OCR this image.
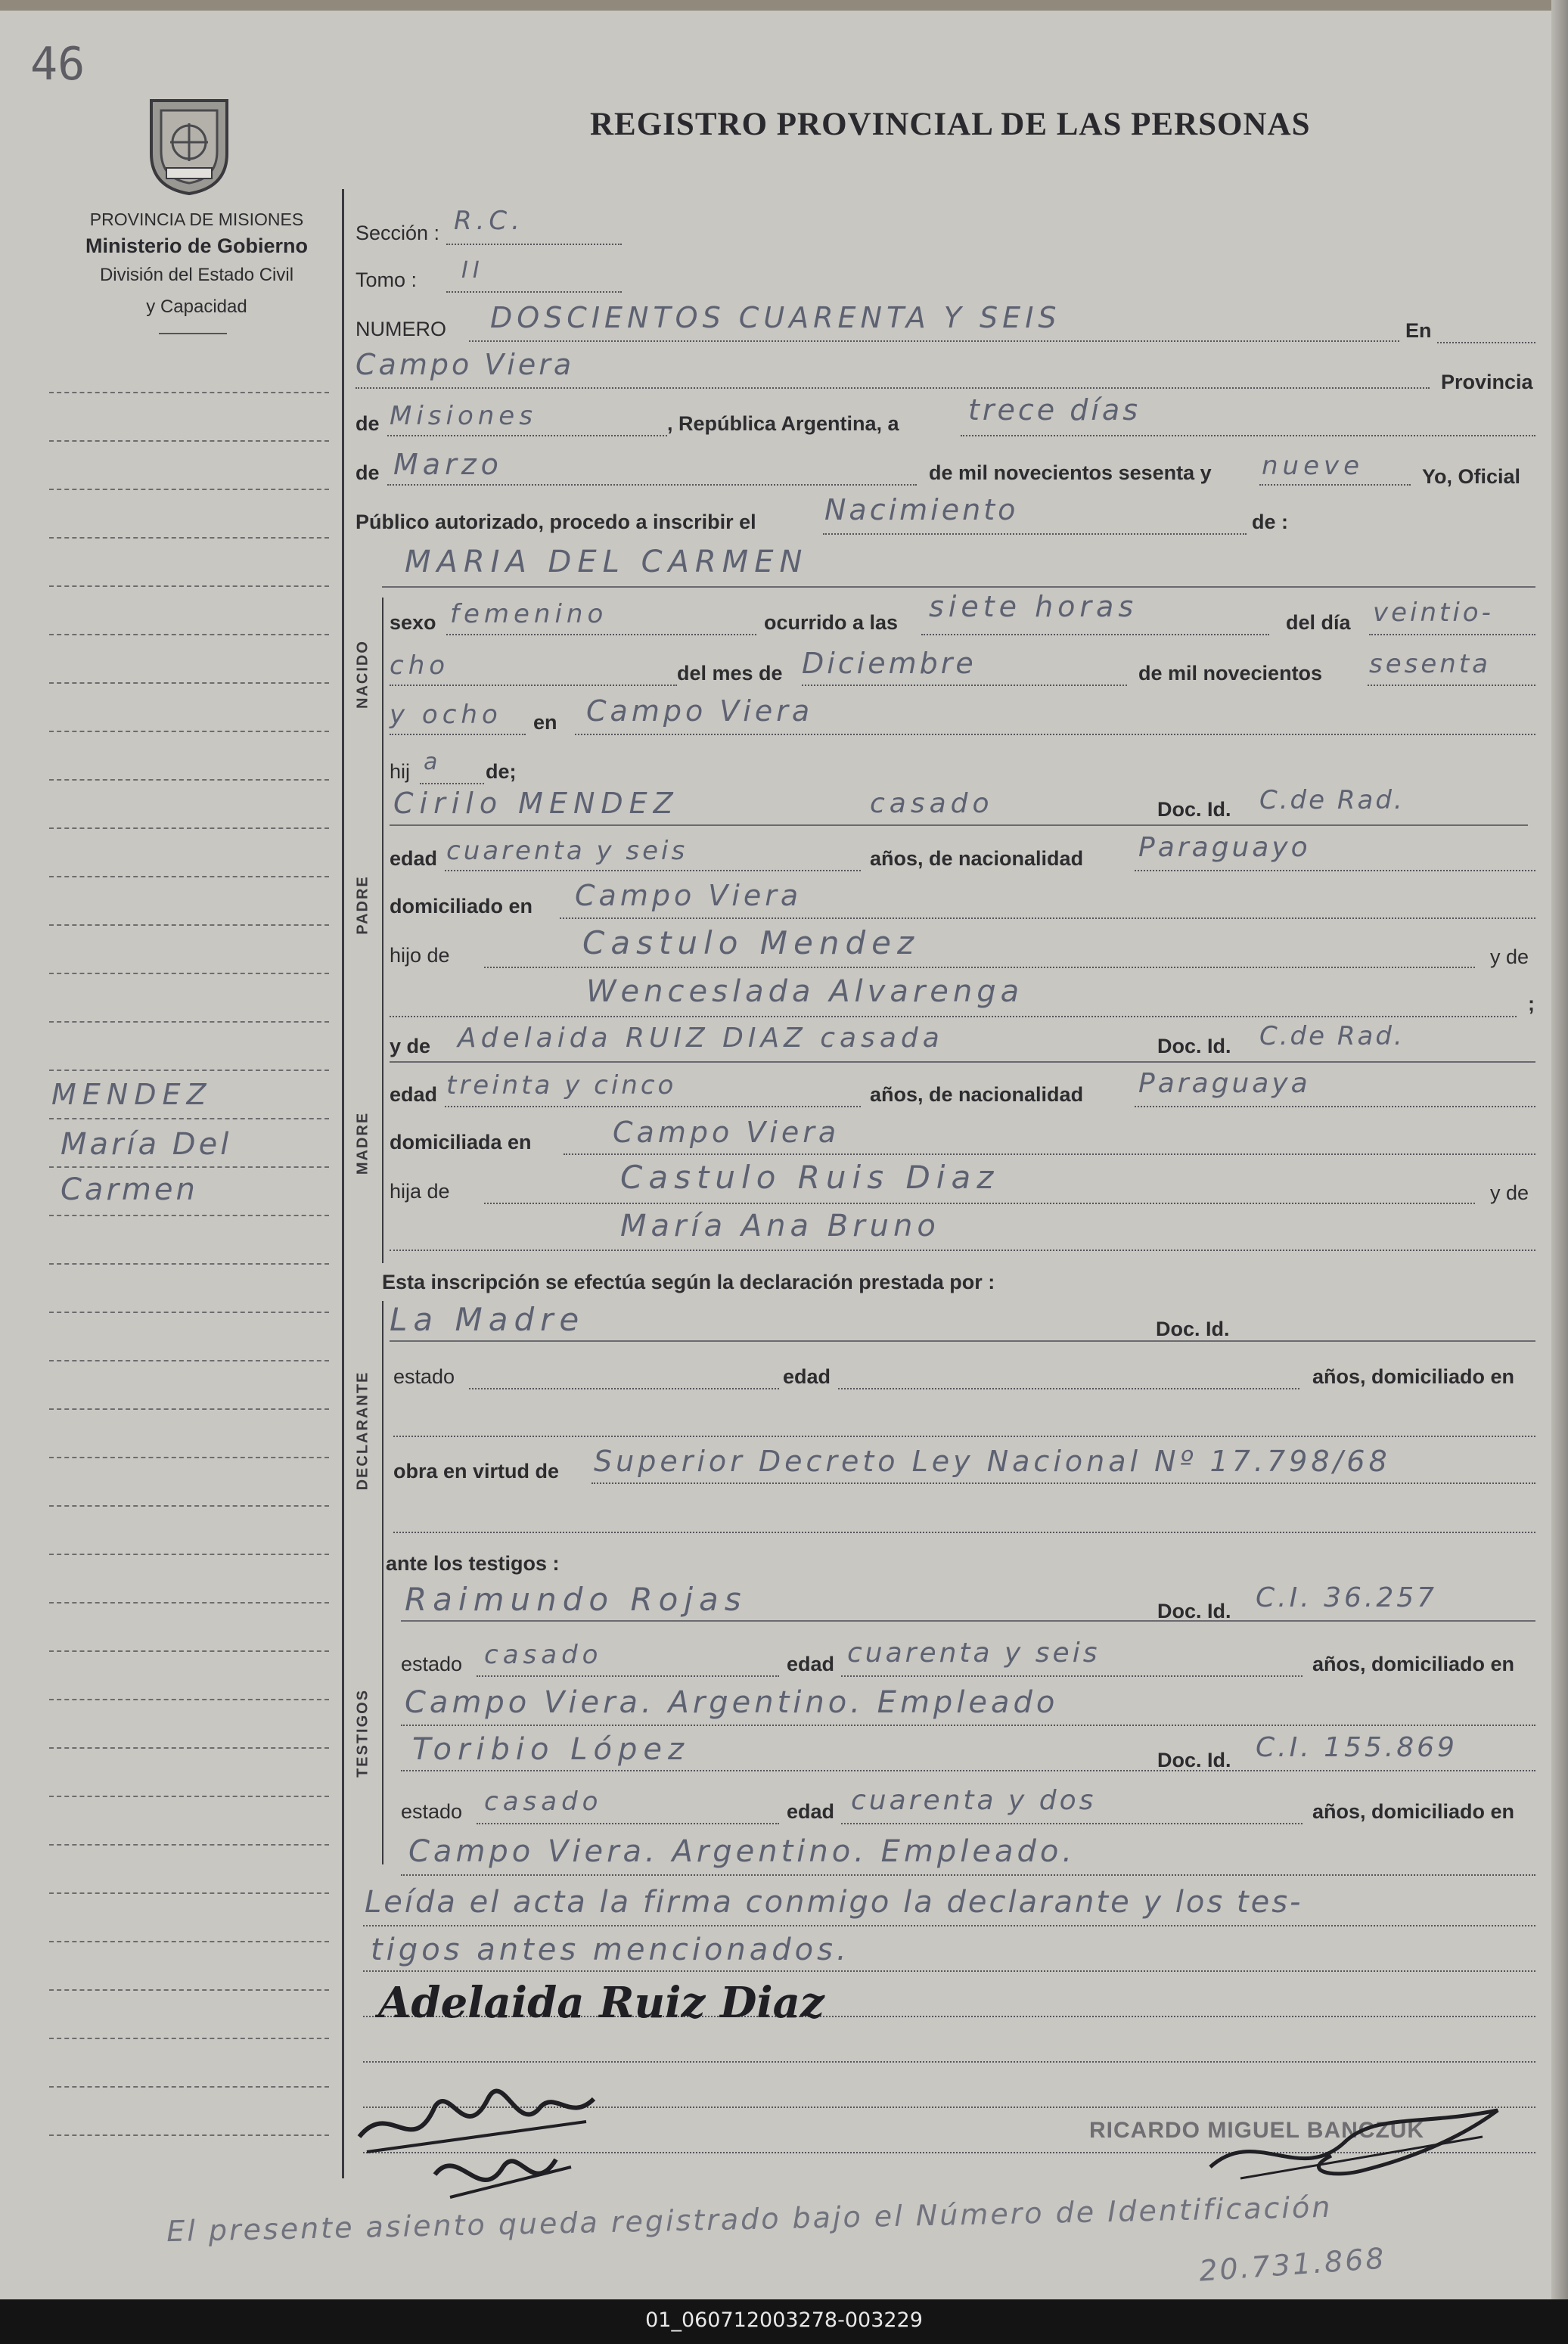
46
REGISTRO PROVINCIAL DE LAS PERSONAS
PROVINCIA DE MISIONES
Ministerio de Gobierno
División del Estado Civil
y Capacidad
MENDEZ
María Del
Carmen
NACIDO
PADRE
MADRE
DECLARANTE
TESTIGOS
Sección : R.C.
Tomo : II
NUMERO DOSCIENTOS CUARENTA Y SEIS	En
Campo Viera
Provincia
de Misiones	, República Argentina, a trece días
de Marzo	de mil novecientos sesenta y nueve	Yo, Oficial
Público autorizado, procedo a inscribir el Nacimiento	de :
MARIA DEL CARMEN
sexo femenino	ocurrido a las siete horas	del día veintio-
cho	del mes de Diciembre	de mil novecientos sesenta
y ocho en Campo Viera
hij a de;
Cirilo MENDEZ	casado	Doc. Id. C.de Rad.
edad cuarenta y seis	años, de nacionalidad Paraguayo
domiciliado en Campo Viera
hijo de	Castulo Mendez	y de
Wenceslada Alvarenga	;
y de Adelaida RUIZ DIAZ casada	Doc. Id. C.de Rad.
edad treinta y cinco	años, de nacionalidad Paraguaya
domiciliada en	Campo Viera
hija de	Castulo Ruis Diaz	y de
María Ana Bruno
Esta inscripción se efectúa según la declaración prestada por :
La Madre	Doc. Id.
estado	edad	años, domiciliado en
obra en virtud de Superior Decreto Ley Nacional Nº 17.798/68
ante los testigos :
Raimundo Rojas	Doc. Id. C.I. 36.257
estado casado	edad cuarenta y seis	años, domiciliado en
Campo Viera. Argentino. Empleado
Toribio López	Doc. Id. C.I. 155.869
estado casado	edad cuarenta y dos	años, domiciliado en
Campo Viera. Argentino. Empleado.
Leída el acta la firma conmigo la declarante y los tes-
tigos antes mencionados.
Adelaida Ruiz Diaz
RICARDO MIGUEL BANCZUK
El presente asiento queda registrado bajo el Número de Identificación
20.731.868
01_060712003278-003229
